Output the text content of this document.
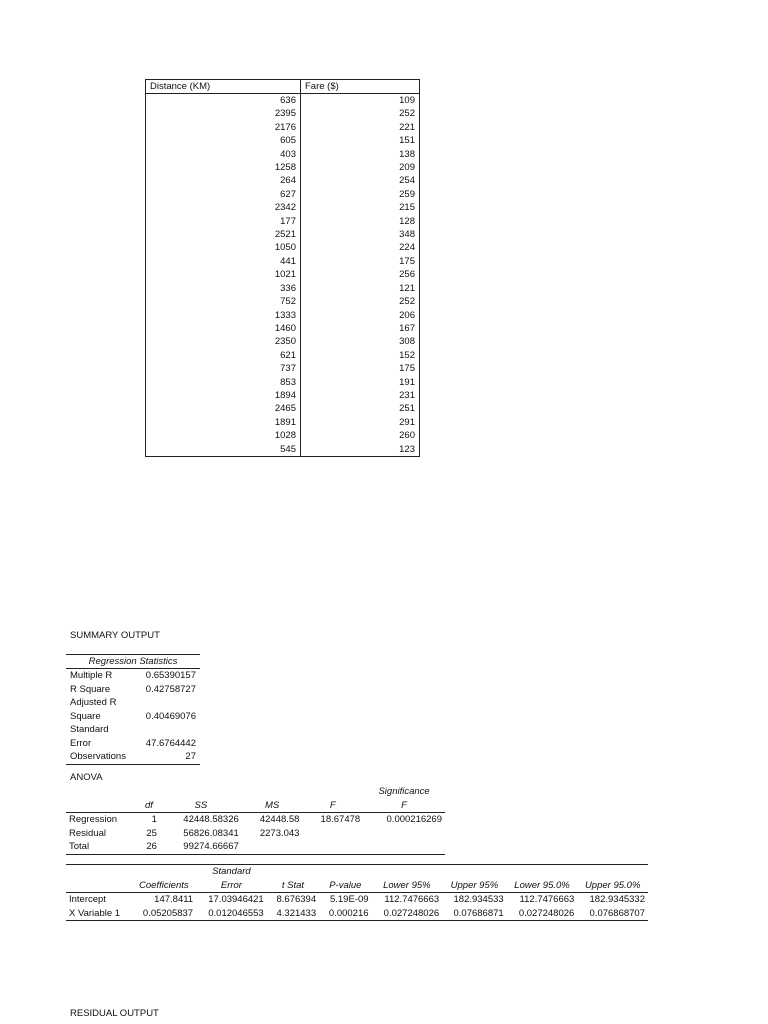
Distance (KM)	Fare ($)
636	109
2395	252
2176	221
605	151
403	138
1258	209
264	254
627	259
2342	215
177	128
2521	348
1050	224
441	175
1021	256
336	121
752	252
1333	206
1460	167
2350	308
621	152
737	175
853	191
1894	231
2465	251
1891	291
1028	260
545	123
SUMMARY OUTPUT
Regression Statistics
Multiple R	0.65390157
R Square	0.42758727
Adjusted R	
Square	0.40469076
Standard	
Error	47.6764442
Observations	27
ANOVA
					Significance
	df	SS	MS	F	F
Regression	1	42448.58326	42448.58	18.67478	0.000216269
Residual	25	56826.08341	2273.043		
Total	26	99274.66667			
		Standard						
	Coefficients	Error	t Stat	P-value	Lower 95%	Upper 95%	Lower 95.0%	Upper 95.0%
Intercept	147.8411	17.03946421	8.676394	5.19E-09	112.7476663	182.934533	112.7476663	182.9345332
X Variable 1	0.05205837	0.012046553	4.321433	0.000216	0.027248026	0.07686871	0.027248026	0.076868707
RESIDUAL OUTPUT
